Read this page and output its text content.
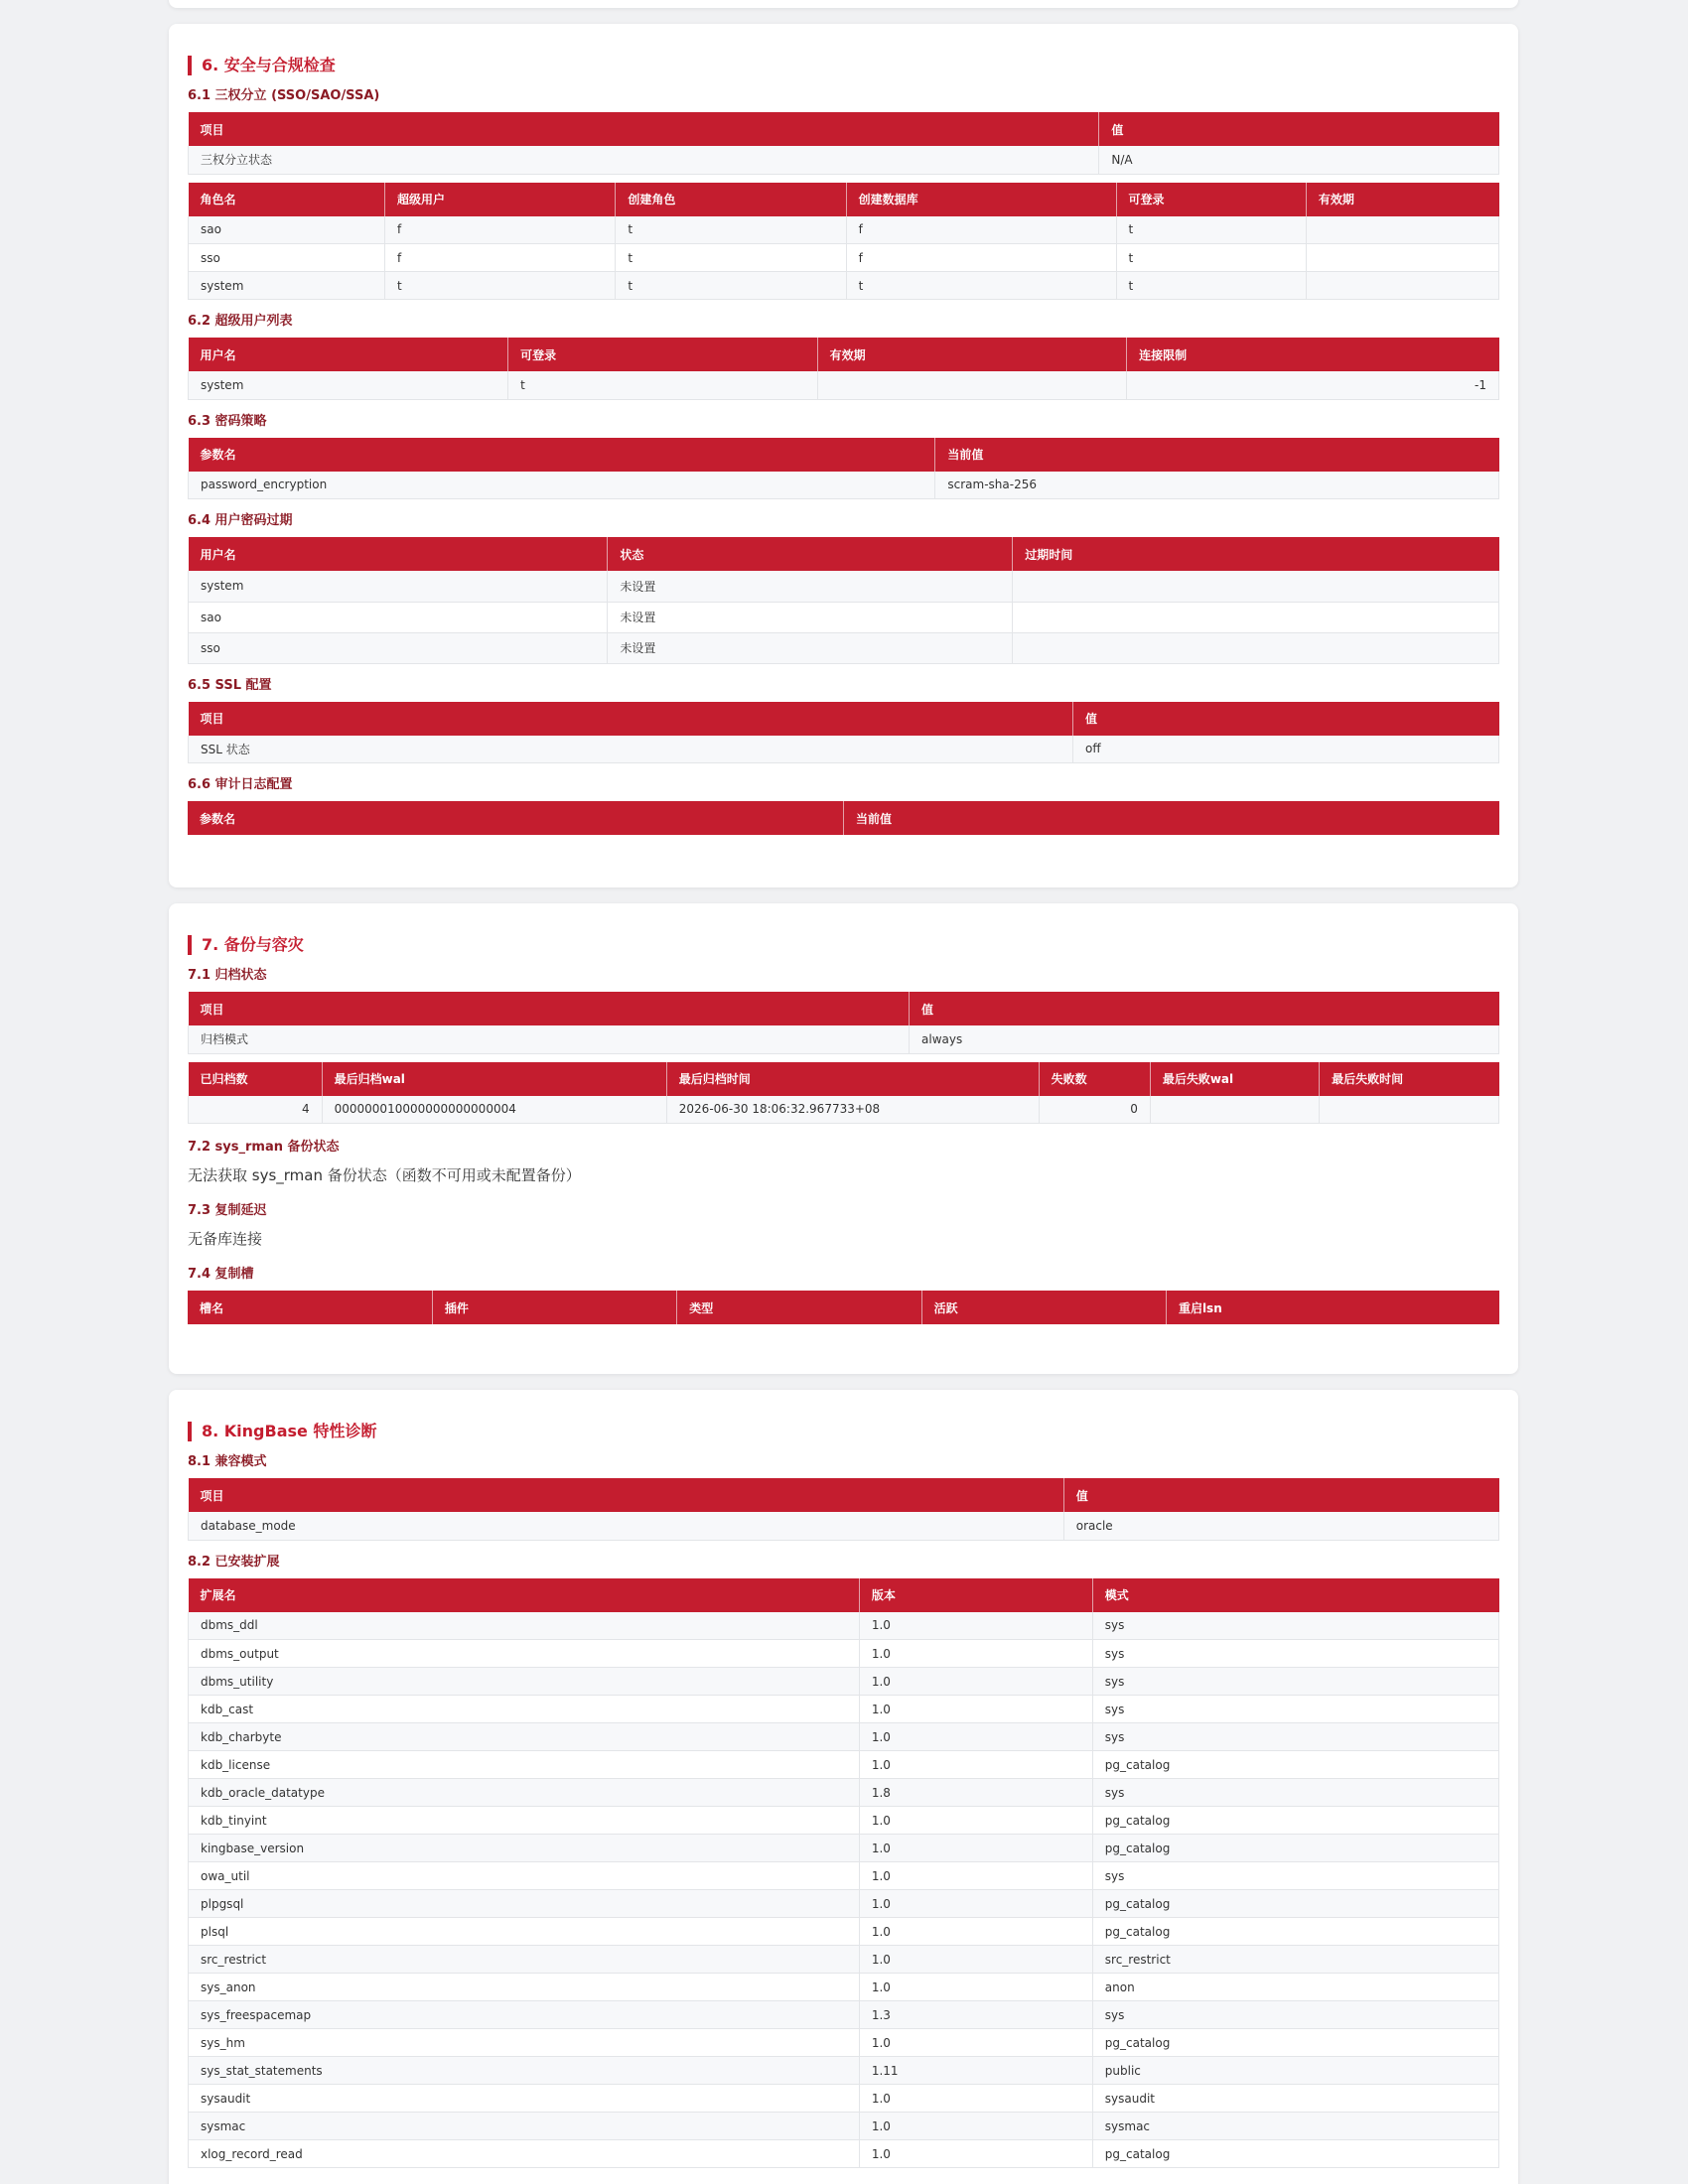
6. 安全与合规检查
6.1 三权分立 (SSO/SAO/SSA)
项目	值
三权分立状态	N/A
角色名	超级用户	创建角色	创建数据库	可登录	有效期
sao	f	t	f	t	
sso	f	t	f	t	
system	t	t	t	t	
6.2 超级用户列表
用户名	可登录	有效期	连接限制
system	t		-1
6.3 密码策略
参数名	当前值
password_encryption	scram-sha-256
6.4 用户密码过期
用户名	状态	过期时间
system	未设置	
sao	未设置	
sso	未设置	
6.5 SSL 配置
项目	值
SSL 状态	off
6.6 审计日志配置
参数名	当前值
7. 备份与容灾
7.1 归档状态
项目	值
归档模式	always
已归档数	最后归档wal	最后归档时间	失败数	最后失败wal	最后失败时间
4	000000010000000000000004	2026-06-30 18:06:32.967733+08	0		
7.2 sys_rman 备份状态

无法获取 sys_rman 备份状态（函数不可用或未配置备份）

7.3 复制延迟

无备库连接

7.4 复制槽
槽名	插件	类型	活跃	重启lsn
8. KingBase 特性诊断
8.1 兼容模式
项目	值
database_mode	oracle
8.2 已安装扩展
扩展名	版本	模式
dbms_ddl	1.0	sys
dbms_output	1.0	sys
dbms_utility	1.0	sys
kdb_cast	1.0	sys
kdb_charbyte	1.0	sys
kdb_license	1.0	pg_catalog
kdb_oracle_datatype	1.8	sys
kdb_tinyint	1.0	pg_catalog
kingbase_version	1.0	pg_catalog
owa_util	1.0	sys
plpgsql	1.0	pg_catalog
plsql	1.0	pg_catalog
src_restrict	1.0	src_restrict
sys_anon	1.0	anon
sys_freespacemap	1.3	sys
sys_hm	1.0	pg_catalog
sys_stat_statements	1.11	public
sysaudit	1.0	sysaudit
sysmac	1.0	sysmac
xlog_record_read	1.0	pg_catalog
